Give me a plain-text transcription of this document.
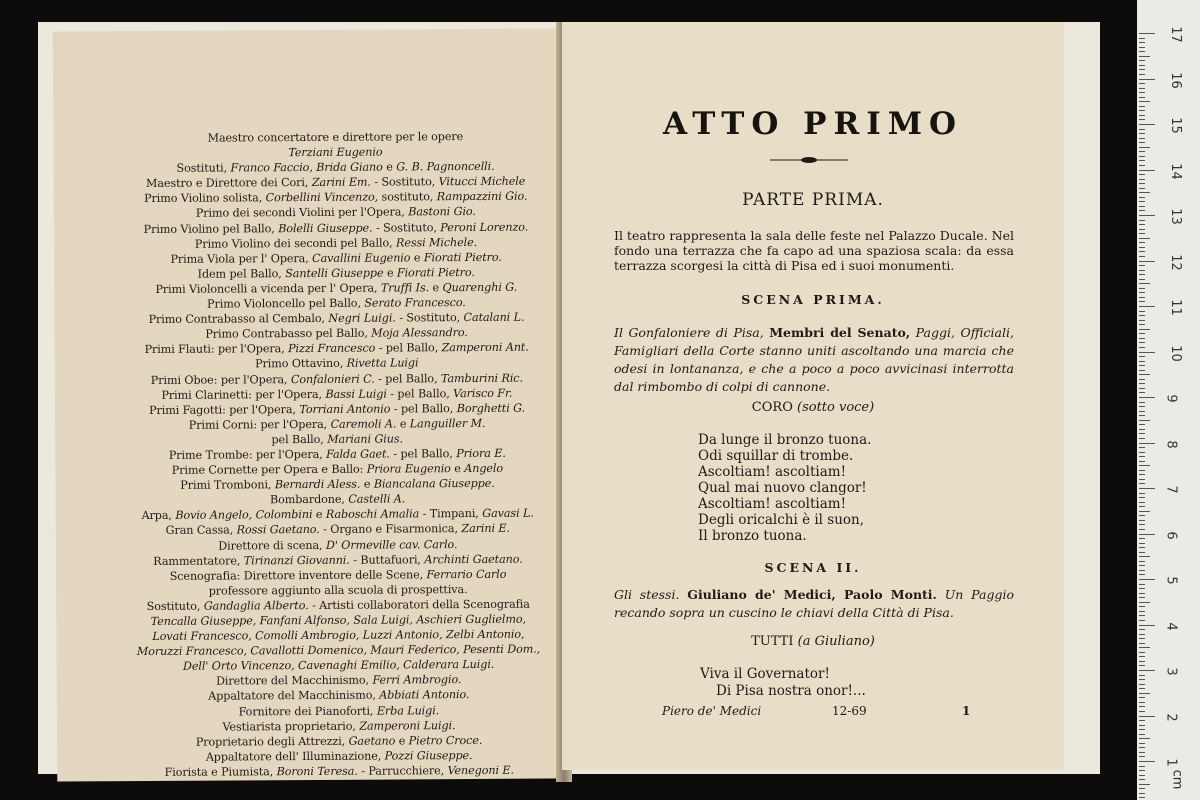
Maestro concertatore e direttore per le opere
Terziani Eugenio
Sostituti, Franco Faccio, Brida Giano e G. B. Pagnoncelli.
Maestro e Direttore dei Cori, Zarini Em. - Sostituto, Vitucci Michele
Primo Violino solista, Corbellini Vincenzo, sostituto, Rampazzini Gio.
Primo dei secondi Violini per l'Opera, Bastoni Gio.
Primo Violino pel Ballo, Bolelli Giuseppe. - Sostituto, Peroni Lorenzo.
Primo Violino dei secondi pel Ballo, Ressi Michele.
Prima Viola per l' Opera, Cavallini Eugenio e Fiorati Pietro.
Idem pel Ballo, Santelli Giuseppe e Fiorati Pietro.
Primi Violoncelli a vicenda per l' Opera, Truffi Is. e Quarenghi G.
Primo Violoncello pel Ballo, Serato Francesco.
Primo Contrabasso al Cembalo, Negri Luigi. - Sostituto, Catalani L.
Primo Contrabasso pel Ballo, Moja Alessandro.
Primi Flauti: per l'Opera, Pizzi Francesco - pel Ballo, Zamperoni Ant.
Primo Ottavino, Rivetta Luigi
Primi Oboe: per l'Opera, Confalonieri C. - pel Ballo, Tamburini Ric.
Primi Clarinetti: per l'Opera, Bassi Luigi - pel Ballo, Varisco Fr.
Primi Fagotti: per l'Opera, Torriani Antonio - pel Ballo, Borghetti G.
Primi Corni: per l'Opera, Caremoli A. e Languiller M.
pel Ballo, Mariani Gius.
Prime Trombe: per l'Opera, Falda Gaet. - pel Ballo, Priora E.
Prime Cornette per Opera e Ballo: Priora Eugenio e Angelo
Primi Tromboni, Bernardi Aless. e Biancalana Giuseppe.
Bombardone, Castelli A.
Arpa, Bovio Angelo, Colombini e Raboschi Amalia - Timpani, Gavasi L.
Gran Cassa, Rossi Gaetano. - Organo e Fisarmonica, Zarini E.
Direttore di scena, D' Ormeville cav. Carlo.
Rammentatore, Tirinanzi Giovanni. - Buttafuori, Archinti Gaetano.
Scenografia: Direttore inventore delle Scene, Ferrario Carlo
professore aggiunto alla scuola di prospettiva.
Sostituto, Gandaglia Alberto. - Artisti collaboratori della Scenografia
Tencalla Giuseppe, Fanfani Alfonso, Sala Luigi, Aschieri Guglielmo,
Lovati Francesco, Comolli Ambrogio, Luzzi Antonio, Zelbi Antonio,
Moruzzi Francesco, Cavallotti Domenico, Mauri Federico, Pesenti Dom.,
Dell' Orto Vincenzo, Cavenaghi Emilio, Calderara Luigi.
Direttore del Macchinismo, Ferri Ambrogio.
Appaltatore del Macchinismo, Abbiati Antonio.
Fornitore dei Pianoforti, Erba Luigi.
Vestiarista proprietario, Zamperoni Luigi.
Proprietario degli Attrezzi, Gaetano e Pietro Croce.
Appaltatore dell' Illuminazione, Pozzi Giuseppe.
Fiorista e Piumista, Boroni Teresa. - Parrucchiere, Venegoni E.
ATTO PRIMO
PARTE PRIMA.
Il teatro rappresenta la sala delle feste nel Palazzo Ducale. Nel fondo una terrazza che fa capo ad una spaziosa scala: da essa terrazza scorgesi la città di Pisa ed i suoi monumenti.
SCENA PRIMA.
Il Gonfaloniere di Pisa, Membri del Senato, Paggi, Officiali, Famigliari della Corte stanno uniti ascoltando una marcia che odesi in lontananza, e che a poco a poco avvicinasi interrotta dal rimbombo di colpi di cannone.
CORO (sotto voce)
Da lunge il bronzo tuona.
Odi squillar di trombe.
Ascoltiam! ascoltiam!
Qual mai nuovo clangor!
Ascoltiam! ascoltiam!
Degli oricalchi è il suon,
Il bronzo tuona.
SCENA II.
Gli stessi. Giuliano de' Medici, Paolo Monti. Un Paggio recando sopra un cuscino le chiavi della Città di Pisa.
TUTTI (a Giuliano)
Viva il Governator!
Di Pisa nostra onor!...
Piero de' Medici	12-69	1
17
16
15
14
13
12
11
10
9
8
7
6
5
4
3
2
1
cm
